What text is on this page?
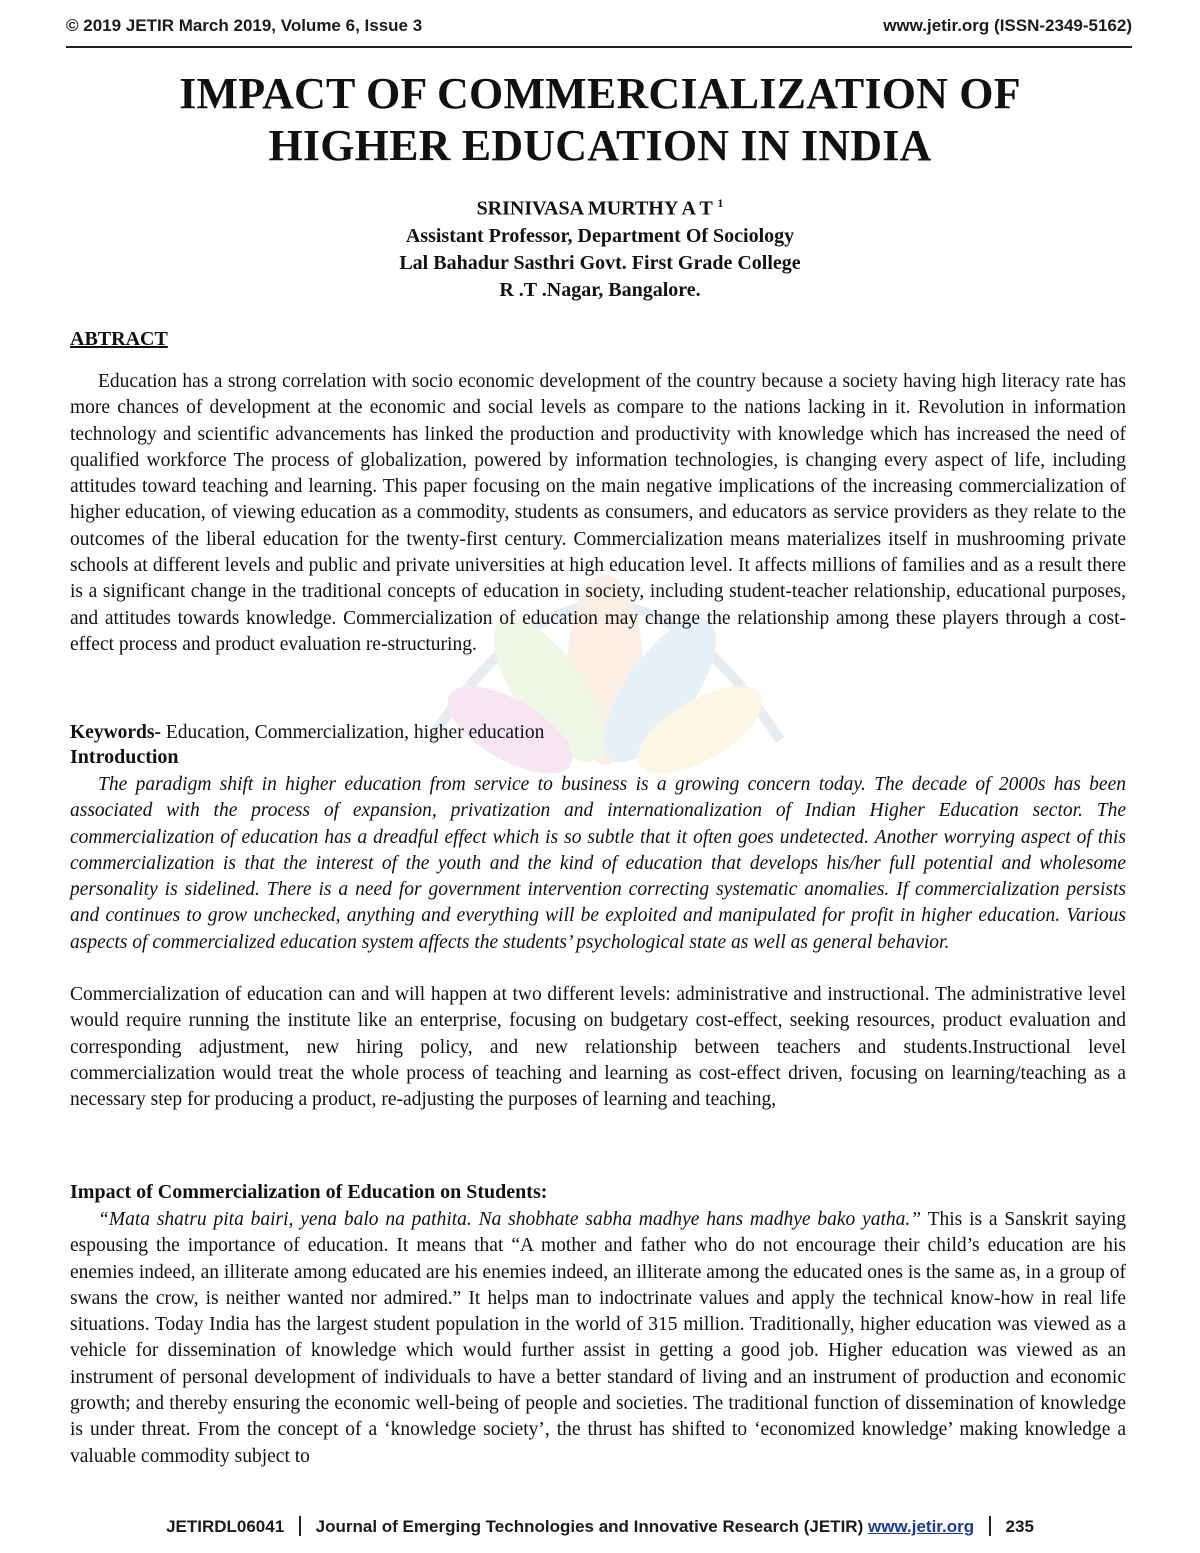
© 2019 JETIR March 2019, Volume 6, Issue 3	www.jetir.org (ISSN-2349-5162)
IMPACT OF COMMERCIALIZATION OF
HIGHER EDUCATION IN INDIA
SRINIVASA MURTHY A T $^1$
Assistant Professor, Department Of Sociology
Lal Bahadur Sasthri Govt. First Grade College
R .T .Nagar, Bangalore.
ABTRACT

Education has a strong correlation with socio economic development of the country because a society having high literacy rate has more chances of development at the economic and social levels as compare to the nations lacking in it. Revolution in information technology and scientific advancements has linked the production and productivity with knowledge which has increased the need of qualified workforce The process of globalization, powered by information technologies, is changing every aspect of life, including attitudes toward teaching and learning. This paper focusing on the main negative implications of the increasing commercialization of higher education, of viewing education as a commodity, students as consumers, and educators as service providers as they relate to the outcomes of the liberal education for the twenty-first century. Commercialization means materializes itself in mushrooming private schools at different levels and public and private universities at high education level. It affects millions of families and as a result there is a significant change in the traditional concepts of education in society, including student-teacher relationship, educational purposes, and attitudes towards knowledge. Commercialization of education may change the relationship among these players through a cost-effect process and product evaluation re-structuring.

Keywords- Education, Commercialization, higher education
Introduction

The paradigm shift in higher education from service to business is a growing concern today. The decade of 2000s has been associated with the process of expansion, privatization and internationalization of Indian Higher Education sector. The commercialization of education has a dreadful effect which is so subtle that it often goes undetected. Another worrying aspect of this commercialization is that the interest of the youth and the kind of education that develops his/her full potential and wholesome personality is sidelined. There is a need for government intervention correcting systematic anomalies. If commercialization persists and continues to grow unchecked, anything and everything will be exploited and manipulated for profit in higher education. Various aspects of commercialized education system affects the students’ psychological state as well as general behavior.

Commercialization of education can and will happen at two different levels: administrative and instructional. The administrative level would require running the institute like an enterprise, focusing on budgetary cost-effect, seeking resources, product evaluation and corresponding adjustment, new hiring policy, and new relationship between teachers and students.Instructional level commercialization would treat the whole process of teaching and learning as cost-effect driven, focusing on learning/teaching as a necessary step for producing a product, re-adjusting the purposes of learning and teaching,

Impact of Commercialization of Education on Students:

“Mata shatru pita bairi, yena balo na pathita. Na shobhate sabha madhye hans madhye bako yatha.” This is a Sanskrit saying espousing the importance of education. It means that “A mother and father who do not encourage their child’s education are his enemies indeed, an illiterate among educated are his enemies indeed, an illiterate among the educated ones is the same as, in a group of swans the crow, is neither wanted nor admired.” It helps man to indoctrinate values and apply the technical know-how in real life situations. Today India has the largest student population in the world of 315 million. Traditionally, higher education was viewed as a vehicle for dissemination of knowledge which would further assist in getting a good job. Higher education was viewed as an instrument of personal development of individuals to have a better standard of living and an instrument of production and economic growth; and thereby ensuring the economic well-being of people and societies. The traditional function of dissemination of knowledge is under threat. From the concept of a ‘knowledge society’, the thrust has shifted to ‘economized knowledge’ making knowledge a valuable commodity subject to

JETIRDL06041 Journal of Emerging Technologies and Innovative Research (JETIR) www.jetir.org 235
